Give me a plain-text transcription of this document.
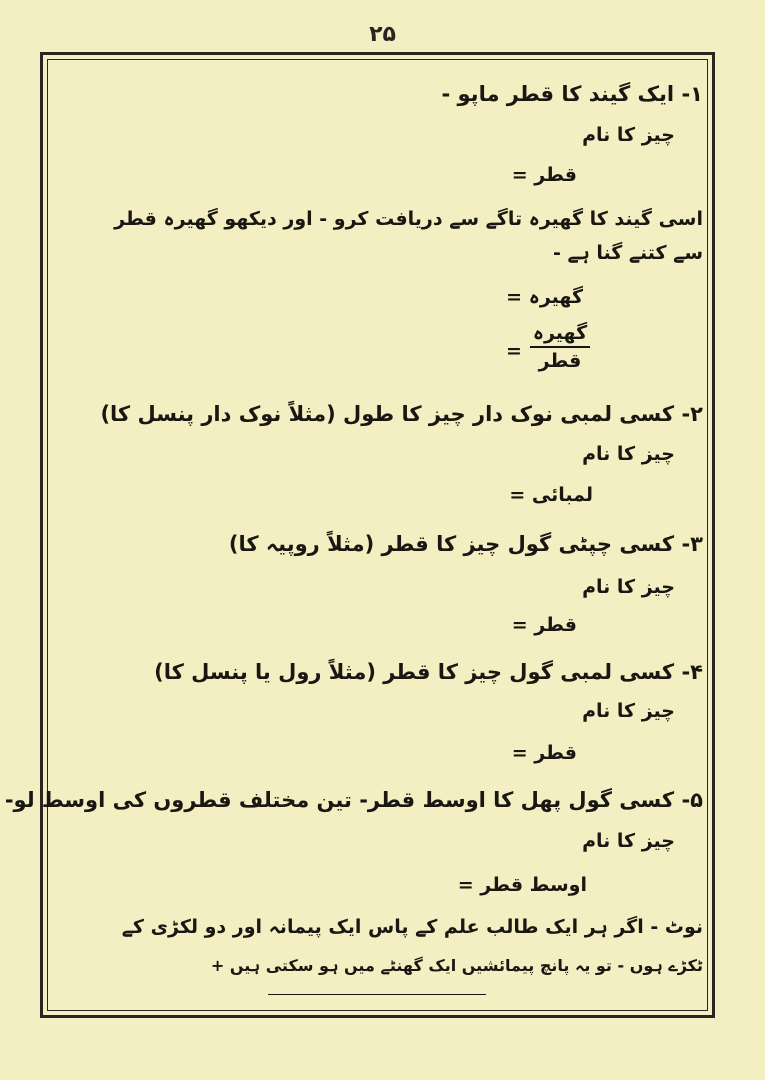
۲۵
۱- ایک گیند کا قطر ماپو -
چیز کا نام
قطر =
اسی گیند کا گھیرہ تاگے سے دریافت کرو - اور دیکھو گھیرہ قطر
سے کتنے گنا ہے -
گھیرہ =
گھیرہ
قطر
=
۲- کسی لمبی نوک دار چیز کا طول (مثلاً نوک دار پنسل کا)
چیز کا نام
لمبائی =
۳- کسی چپٹی گول چیز کا قطر (مثلاً روپیہ کا)
چیز کا نام
قطر =
۴- کسی لمبی گول چیز کا قطر (مثلاً رول یا پنسل کا)
چیز کا نام
قطر =
۵- کسی گول پھل کا اوسط قطر- تین مختلف قطروں کی اوسط لو-
چیز کا نام
اوسط قطر =
نوٹ - اگر ہر ایک طالب علم کے پاس ایک پیمانہ اور دو لکڑی کے
ٹکڑے ہوں - تو یہ پانچ پیمائشیں ایک گھنٹے میں ہو سکتی ہیں +
